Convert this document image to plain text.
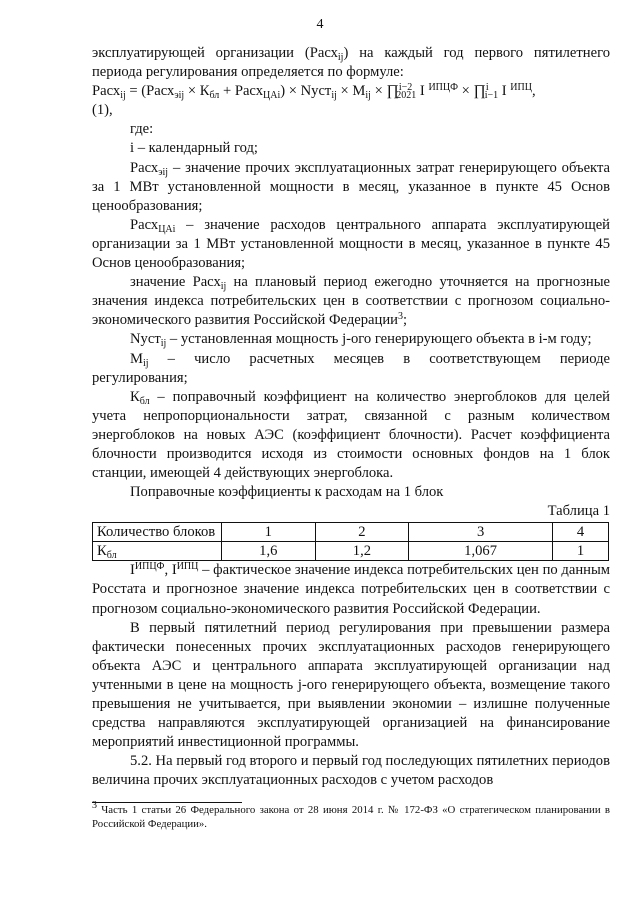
4

эксплуатирующей организации (Расх$_{ij}$) на каждый год первого пятилетнего

периода регулирования определяется по формуле:

Расх$_{ij}$ = (Расх$_{эij}$ × $К_{бл}$ + Расх$_{ЦАi}$) × Nуст$_{ij}$ × $M_{ij}$ × ∏$^{i-2}_{2021}$ I $^{ИПЦФ}$ × ∏$^i_{i-1}$ I $^{ИПЦ}$,

(1),

где:

i – календарный год;

Расх$_{эij}$ – значение прочих эксплуатационных затрат генерирующего объекта за 1 МВт установленной мощности в месяц, указанное в пункте 45 Основ ценообразования;

Расх$_{ЦАi}$ – значение расходов центрального аппарата эксплуатирующей организации за 1 МВт установленной мощности в месяц, указанное в пункте 45 Основ ценообразования;

значение Расх$_{ij}$ на плановый период ежегодно уточняется на прогнозные значения индекса потребительских цен в соответствии с прогнозом социально-экономического развития Российской Федерации$^3$;

Nуст$_{ij}$ – установленная мощность j-ого генерирующего объекта в i-м году;

$M_{ij}$ – число расчетных месяцев в соответствующем периоде

регулирования;

$К_{бл}$ – поправочный коэффициент на количество энергоблоков для целей учета непропорциональности затрат, связанной с разным количеством энергоблоков на новых АЭС (коэффициент блочности). Расчет коэффициента блочности производится исходя из стоимости основных фондов на 1 блок станции, имеющей 4 действующих энергоблока.

Поправочные коэффициенты к расходам на 1 блок

Таблица 1

Количество блоков	1	2	3	4
$К_{бл}$	1,6	1,2	1,067	1

$I^{ИПЦФ}$, $I^{ИПЦ}$ – фактическое значение индекса потребительских цен по данным Росстата и прогнозное значение индекса потребительских цен в соответствии с прогнозом социально-экономического развития Российской Федерации.

В первый пятилетний период регулирования при превышении размера фактически понесенных прочих эксплуатационных расходов генерирующего объекта АЭС и центрального аппарата эксплуатирующей организации над учтенными в цене на мощность j-ого генерирующего объекта, возмещение такого превышения не учитывается, при выявлении экономии – излишне полученные средства направляются эксплуатирующей организацией на финансирование мероприятий инвестиционной программы.

5.2. На первый год второго и первый год последующих пятилетних периодов величина прочих эксплуатационных расходов с учетом расходов

$^3$ Часть 1 статьи 26 Федерального закона от 28 июня 2014 г. № 172-ФЗ «О стратегическом планировании в Российской Федерации».
